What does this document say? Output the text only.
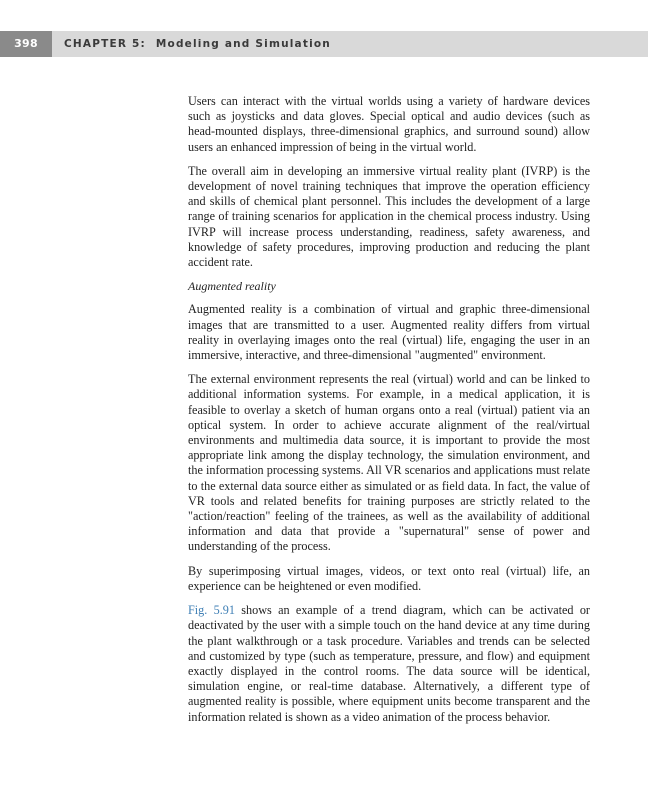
398	CHAPTER 5: Modeling and Simulation

Users can interact with the virtual worlds using a variety of hardware devices such as joysticks and data gloves. Special optical and audio devices (such as head-mounted displays, three-dimensional graphics, and surround sound) allow users an enhanced impression of being in the virtual world.

The overall aim in developing an immersive virtual reality plant (IVRP) is the development of novel training techniques that improve the operation efficiency and skills of chemical plant personnel. This includes the development of a large range of training scenarios for application in the chemical process industry. Using IVRP will increase process understanding, readiness, safety awareness, and knowledge of safety procedures, improving production and reducing the plant accident rate.

Augmented reality

Augmented reality is a combination of virtual and graphic three-dimensional images that are transmitted to a user. Augmented reality differs from virtual reality in overlaying images onto the real (virtual) life, engaging the user in an immersive, interactive, and three-dimensional "augmented" environment.

The external environment represents the real (virtual) world and can be linked to additional information systems. For example, in a medical application, it is feasible to overlay a sketch of human organs onto a real (virtual) patient via an optical system. In order to achieve accurate alignment of the real/virtual environments and multimedia data source, it is important to provide the most appropriate link among the display technology, the simulation environment, and the information processing systems. All VR scenarios and applications must relate to the external data source either as simulated or as field data. In fact, the value of VR tools and related benefits for training purposes are strictly related to the "action/reaction" feeling of the trainees, as well as the availability of additional information and data that provide a "supernatural" sense of power and understanding of the process.

By superimposing virtual images, videos, or text onto real (virtual) life, an experience can be heightened or even modified.

Fig. 5.91 shows an example of a trend diagram, which can be activated or deactivated by the user with a simple touch on the hand device at any time during the plant walkthrough or a task procedure. Variables and trends can be selected and customized by type (such as temperature, pressure, and flow) and equipment exactly displayed in the control rooms. The data source will be identical, simulation engine, or real-time database. Alternatively, a different type of augmented reality is possible, where equipment units become transparent and the information related is shown as a video animation of the process behavior.
